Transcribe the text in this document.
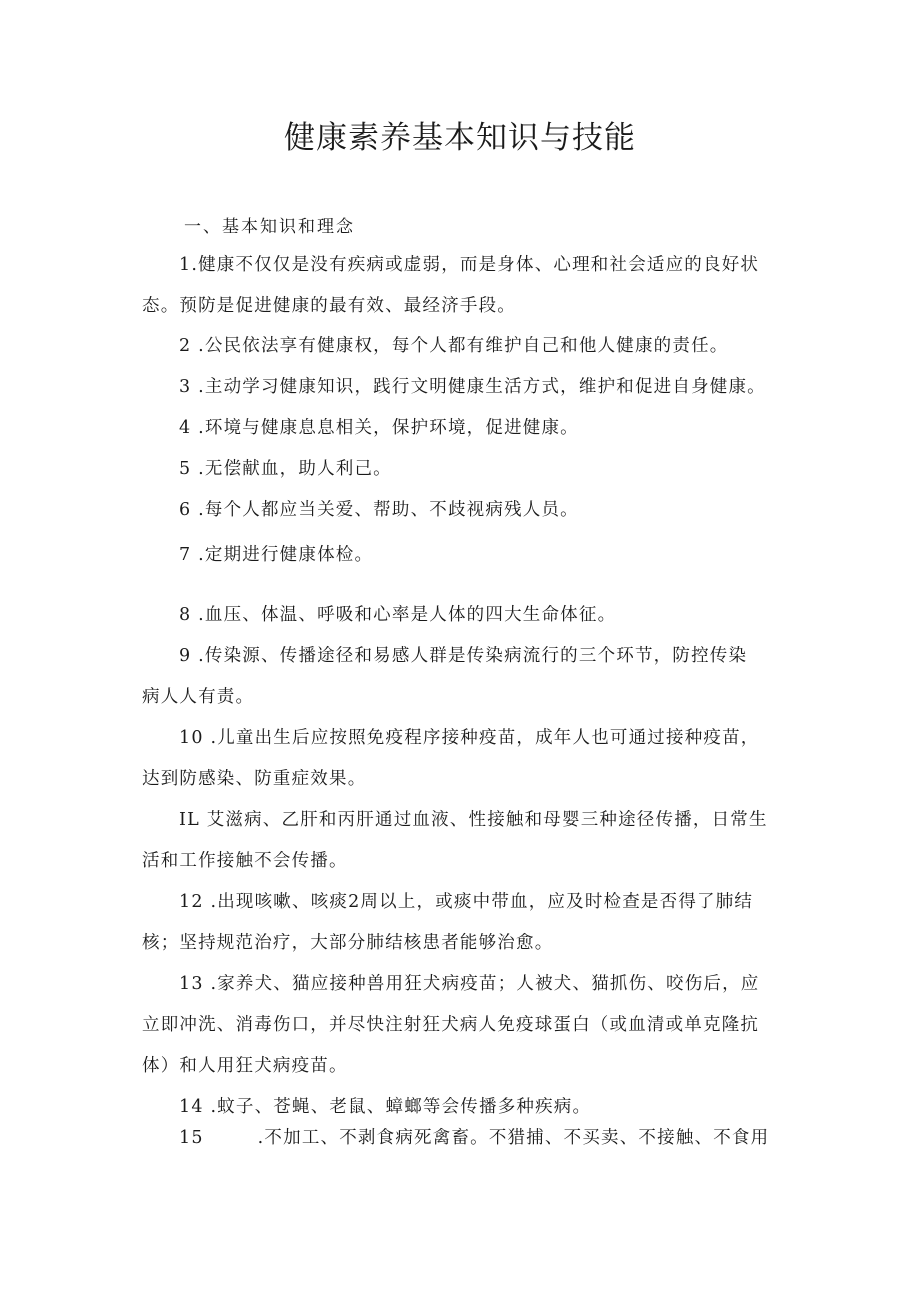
健康素养基本知识与技能

一、基本知识和理念

1.健康不仅仅是没有疾病或虚弱，而是身体、心理和社会适应的良好状
态。预防是促进健康的最有效、最经济手段。

2 .公民依法享有健康权，每个人都有维护自己和他人健康的责任。

3 .主动学习健康知识，践行文明健康生活方式，维护和促进自身健康。

4 .环境与健康息息相关，保护环境，促进健康。

5 .无偿献血，助人利己。

6 .每个人都应当关爱、帮助、不歧视病残人员。

7 .定期进行健康体检。

8 .血压、体温、呼吸和心率是人体的四大生命体征。

9 .传染源、传播途径和易感人群是传染病流行的三个环节，防控传染
病人人有责。

10 .儿童出生后应按照免疫程序接种疫苗，成年人也可通过接种疫苗，
达到防感染、防重症效果。

IL 艾滋病、乙肝和丙肝通过血液、性接触和母婴三种途径传播，日常生
活和工作接触不会传播。

12 .出现咳嗽、咳痰2周以上，或痰中带血，应及时检查是否得了肺结
核；坚持规范治疗，大部分肺结核患者能够治愈。

13 .家养犬、猫应接种兽用狂犬病疫苗；人被犬、猫抓伤、咬伤后，应
立即冲洗、消毒伤口，并尽快注射狂犬病人免疫球蛋白（或血清或单克隆抗
体）和人用狂犬病疫苗。

14 .蚊子、苍蝇、老鼠、蟑螂等会传播多种疾病。

15	.不加工、不剥食病死禽畜。不猎捕、不买卖、不接触、不食用
